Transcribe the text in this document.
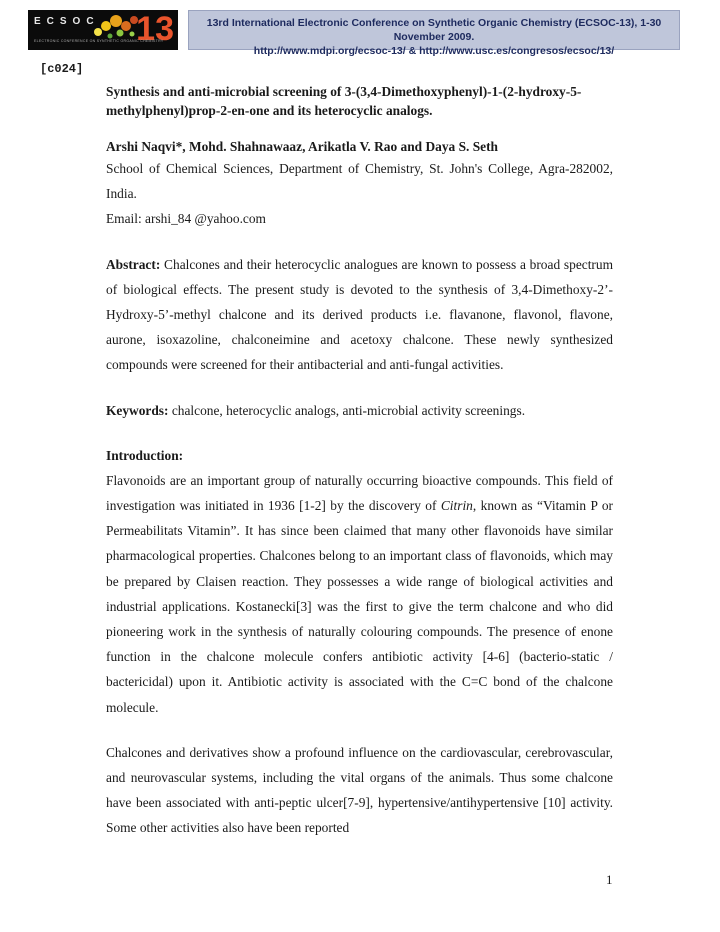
ECSOC 13
ELECTRONIC CONFERENCE ON SYNTHETIC ORGANIC CHEMISTRY
13rd International Electronic Conference on Synthetic Organic Chemistry (ECSOC-13), 1-30 November 2009.
http://www.mdpi.org/ecsoc-13/ & http://www.usc.es/congresos/ecsoc/13/
[c024]

Synthesis and anti-microbial screening of 3-(3,4-Dimethoxyphenyl)-1-(2-hydroxy-5-methylphenyl)prop-2-en-one and its heterocyclic analogs.

Arshi Naqvi*, Mohd. Shahnawaaz, Arikatla V. Rao and Daya S. Seth

School of Chemical Sciences, Department of Chemistry, St. John's College, Agra-282002, India.

Email: arshi_84 @yahoo.com

Abstract: Chalcones and their heterocyclic analogues are known to possess a broad spectrum of biological effects. The present study is devoted to the synthesis of 3,4-Dimethoxy-2’-Hydroxy-5’-methyl chalcone and its derived products i.e. flavanone, flavonol, flavone, aurone, isoxazoline, chalconeimine and acetoxy chalcone. These newly synthesized compounds were screened for their antibacterial and anti-fungal activities.

Keywords: chalcone, heterocyclic analogs, anti-microbial activity screenings.

Introduction:

Flavonoids are an important group of naturally occurring bioactive compounds. This field of investigation was initiated in 1936 [1-2] by the discovery of Citrin, known as “Vitamin P or Permeabilitats Vitamin”. It has since been claimed that many other flavonoids have similar pharmacological properties. Chalcones belong to an important class of flavonoids, which may be prepared by Claisen reaction. They possesses a wide range of biological activities and industrial applications. Kostanecki[3] was the first to give the term chalcone and who did pioneering work in the synthesis of naturally colouring compounds. The presence of enone function in the chalcone molecule confers antibiotic activity [4-6] (bacterio-static / bactericidal) upon it. Antibiotic activity is associated with the C=C bond of the chalcone molecule.

Chalcones and derivatives show a profound influence on the cardiovascular, cerebrovascular, and neurovascular systems, including the vital organs of the animals. Thus some chalcone have been associated with anti-peptic ulcer[7-9], hypertensive/antihypertensive [10] activity. Some other activities also have been reported

1
